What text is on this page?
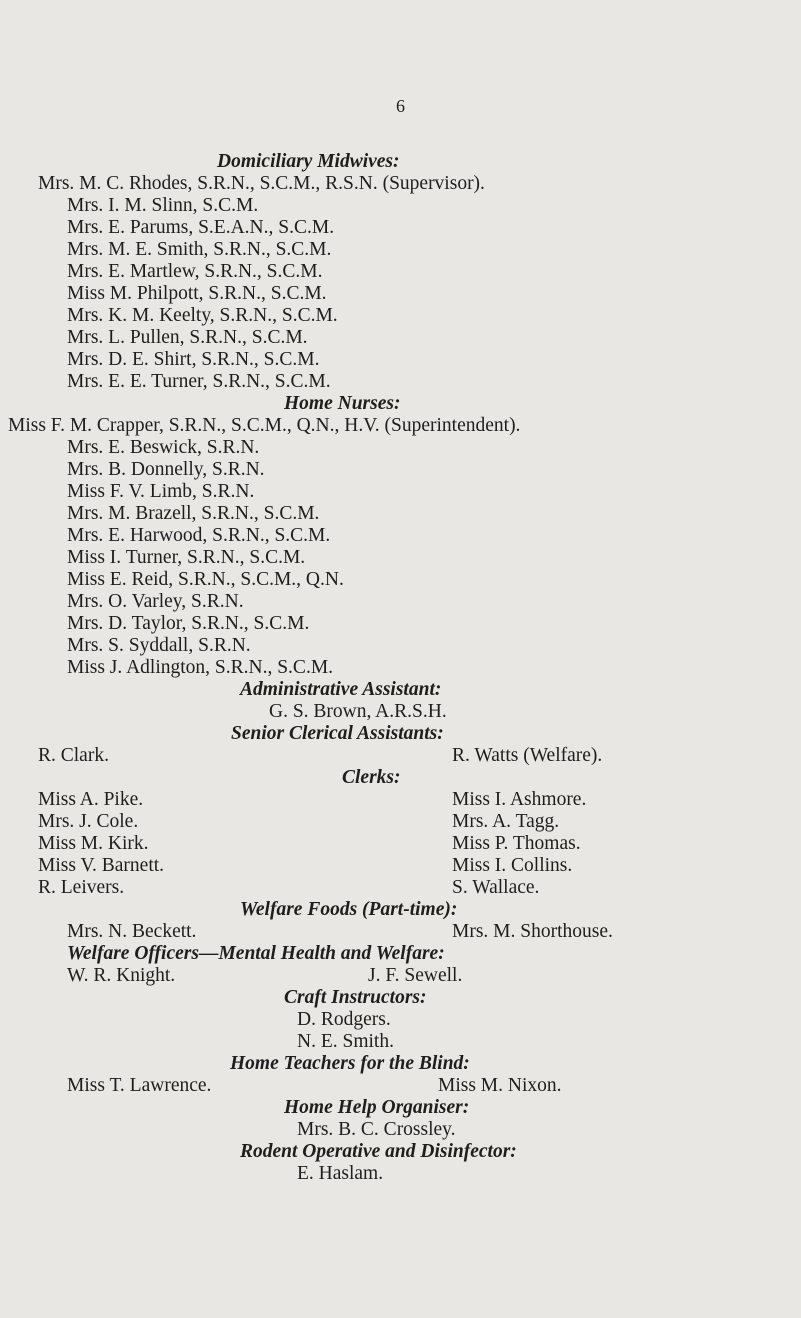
6
Domiciliary Midwives:
Mrs. M. C. Rhodes, S.R.N., S.C.M., R.S.N. (Supervisor).
Mrs. I. M. Slinn, S.C.M.
Mrs. E. Parums, S.E.A.N., S.C.M.
Mrs. M. E. Smith, S.R.N., S.C.M.
Mrs. E. Martlew, S.R.N., S.C.M.
Miss M. Philpott, S.R.N., S.C.M.
Mrs. K. M. Keelty, S.R.N., S.C.M.
Mrs. L. Pullen, S.R.N., S.C.M.
Mrs. D. E. Shirt, S.R.N., S.C.M.
Mrs. E. E. Turner, S.R.N., S.C.M.
Home Nurses:
Miss F. M. Crapper, S.R.N., S.C.M., Q.N., H.V. (Superintendent).
Mrs. E. Beswick, S.R.N.
Mrs. B. Donnelly, S.R.N.
Miss F. V. Limb, S.R.N.
Mrs. M. Brazell, S.R.N., S.C.M.
Mrs. E. Harwood, S.R.N., S.C.M.
Miss I. Turner, S.R.N., S.C.M.
Miss E. Reid, S.R.N., S.C.M., Q.N.
Mrs. O. Varley, S.R.N.
Mrs. D. Taylor, S.R.N., S.C.M.
Mrs. S. Syddall, S.R.N.
Miss J. Adlington, S.R.N., S.C.M.
Administrative Assistant:
G. S. Brown, A.R.S.H.
Senior Clerical Assistants:
R. Clark.	R. Watts (Welfare).
Clerks:
Miss A. Pike.	Miss I. Ashmore.
Mrs. J. Cole.	Mrs. A. Tagg.
Miss M. Kirk.	Miss P. Thomas.
Miss V. Barnett.	Miss I. Collins.
R. Leivers.	S. Wallace.
Welfare Foods (Part-time):
Mrs. N. Beckett.	Mrs. M. Shorthouse.
Welfare Officers—Mental Health and Welfare:
W. R. Knight.	J. F. Sewell.
Craft Instructors:
D. Rodgers.
N. E. Smith.
Home Teachers for the Blind:
Miss T. Lawrence.	Miss M. Nixon.
Home Help Organiser:
Mrs. B. C. Crossley.
Rodent Operative and Disinfector:
E. Haslam.
